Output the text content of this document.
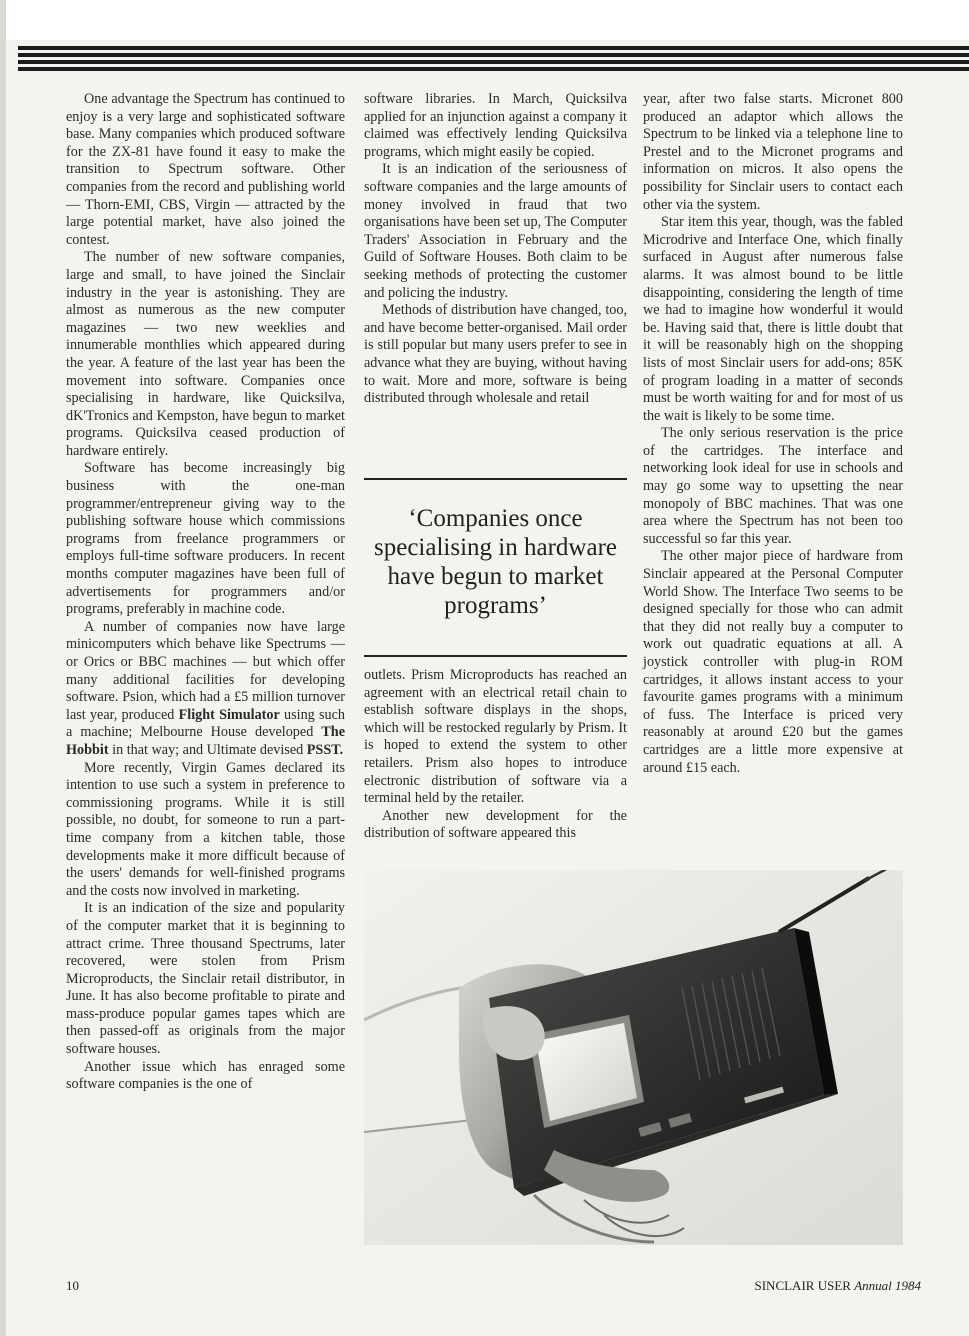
One advantage the Spectrum has continued to enjoy is a very large and sophisticated software base. Many companies which produced software for the ZX-81 have found it easy to make the transition to Spectrum software. Other companies from the record and publishing world — Thorn-EMI, CBS, Virgin — attracted by the large potential market, have also joined the contest.

The number of new software companies, large and small, to have joined the Sinclair industry in the year is astonishing. They are almost as numerous as the new computer magazines — two new weeklies and innumerable monthlies which appeared during the year. A feature of the last year has been the movement into software. Companies once specialising in hardware, like Quicksilva, dK'Tronics and Kempston, have begun to market programs. Quicksilva ceased production of hardware entirely.

Software has become increasingly big business with the one-man programmer/entrepreneur giving way to the publishing software house which commissions programs from freelance programmers or employs full-time software producers. In recent months computer magazines have been full of advertisements for programmers and/or programs, preferably in machine code.

A number of companies now have large minicomputers which behave like Spectrums — or Orics or BBC machines — but which offer many additional facilities for developing software. Psion, which had a £5 million turnover last year, produced Flight Simulator using such a machine; Melbourne House developed The Hobbit in that way; and Ultimate devised PSST.

More recently, Virgin Games declared its intention to use such a system in preference to commissioning programs. While it is still possible, no doubt, for someone to run a part-time company from a kitchen table, those developments make it more difficult because of the users' demands for well-finished programs and the costs now involved in marketing.

It is an indication of the size and popularity of the computer market that it is beginning to attract crime. Three thousand Spectrums, later recovered, were stolen from Prism Microproducts, the Sinclair retail distributor, in June. It has also become profitable to pirate and mass-produce popular games tapes which are then passed-off as originals from the major software houses.

Another issue which has enraged some software companies is the one of

software libraries. In March, Quicksilva applied for an injunction against a company it claimed was effectively lending Quicksilva programs, which might easily be copied.

It is an indication of the seriousness of software companies and the large amounts of money involved in fraud that two organisations have been set up, The Computer Traders' Association in February and the Guild of Software Houses. Both claim to be seeking methods of protecting the customer and policing the industry.

Methods of distribution have changed, too, and have become better-organised. Mail order is still popular but many users prefer to see in advance what they are buying, without having to wait. More and more, software is being distributed through wholesale and retail

‘Companies once specialising in hardware have begun to market programs’

outlets. Prism Microproducts has reached an agreement with an electrical retail chain to establish software displays in the shops, which will be restocked regularly by Prism. It is hoped to extend the system to other retailers. Prism also hopes to introduce electronic distribution of software via a terminal held by the retailer.

Another new development for the distribution of software appeared this

year, after two false starts. Micronet 800 produced an adaptor which allows the Spectrum to be linked via a telephone line to Prestel and to the Micronet programs and information on micros. It also opens the possibility for Sinclair users to contact each other via the system.

Star item this year, though, was the fabled Microdrive and Interface One, which finally surfaced in August after numerous false alarms. It was almost bound to be little disappointing, considering the length of time we had to imagine how wonderful it would be. Having said that, there is little doubt that it will be reasonably high on the shopping lists of most Sinclair users for add-ons; 85K of program loading in a matter of seconds must be worth waiting for and for most of us the wait is likely to be some time.

The only serious reservation is the price of the cartridges. The interface and networking look ideal for use in schools and may go some way to upsetting the near monopoly of BBC machines. That was one area where the Spectrum has not been too successful so far this year.

The other major piece of hardware from Sinclair appeared at the Personal Computer World Show. The Interface Two seems to be designed specially for those who can admit that they did not really buy a computer to work out quadratic equations at all. A joystick controller with plug-in ROM cartridges, it allows instant access to your favourite games programs with a minimum of fuss. The Interface is priced very reasonably at around £20 but the games cartridges are a little more expensive at around £15 each.

10	SINCLAIR USER Annual 1984
